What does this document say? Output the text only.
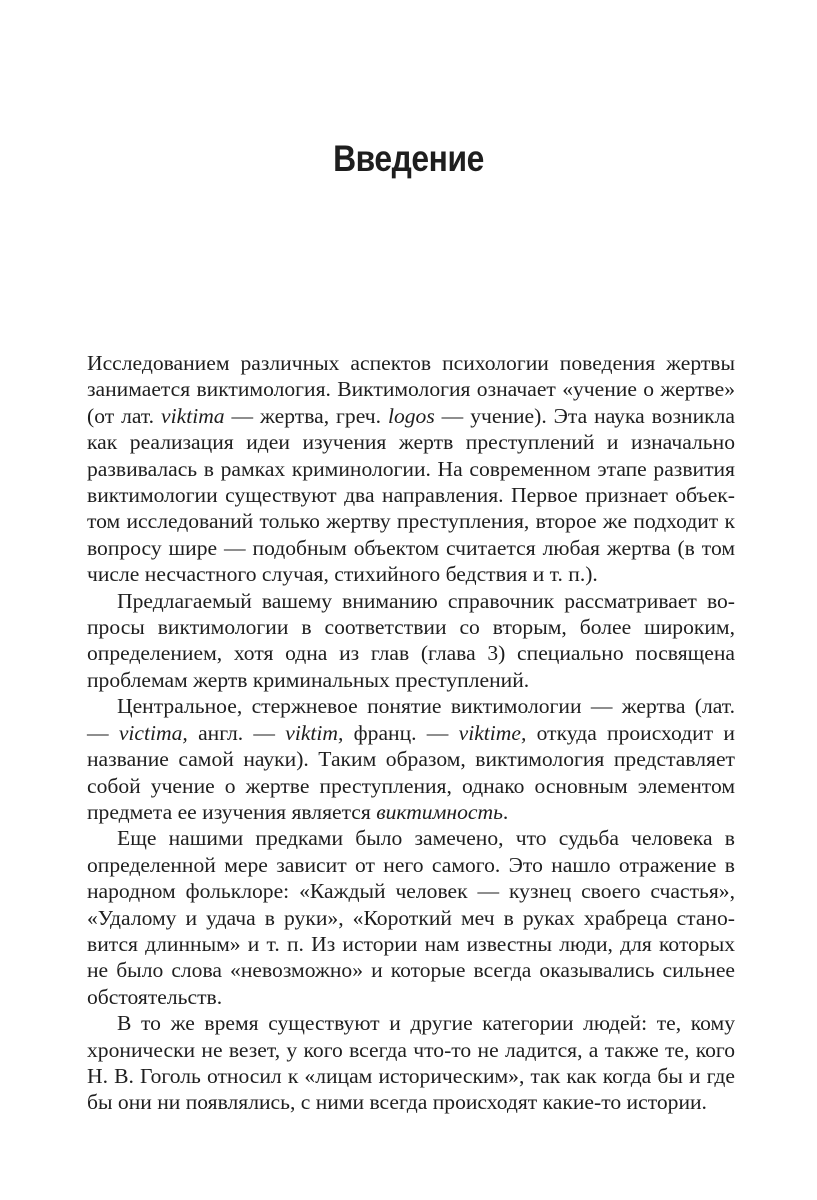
Введение

Исследованием различных аспектов психологии поведения жертвы занимается виктимология. Виктимология означает «учение о жертве» (от лат. viktima — жертва, греч. logos — учение). Эта наука возникла как реализация идеи изучения жертв преступлений и изначально развивалась в рамках криминологии. На современном этапе развития виктимологии существуют два направления. Первое признает объектом исследований только жертву преступления, второе же подходит к вопросу шире — подобным объектом считается любая жертва (в том числе несчастного случая, стихийного бедствия и т. п.).

Предлагаемый вашему вниманию справочник рассматривает вопросы виктимологии в соответствии со вторым, более широким, определением, хотя одна из глав (глава 3) специально посвящена проблемам жертв криминальных преступлений.

Центральное, стержневое понятие виктимологии — жертва (лат. — victima, англ. — viktim, франц. — viktime, откуда происходит и название самой науки). Таким образом, виктимология представляет собой учение о жертве преступления, однако основным элементом предмета ее изучения является виктимность.

Еще нашими предками было замечено, что судьба человека в определенной мере зависит от него самого. Это нашло отражение в народном фольклоре: «Каждый человек — кузнец своего счастья», «Удалому и удача в руки», «Короткий меч в руках храбреца становится длинным» и т. п. Из истории нам известны люди, для которых не было слова «невозможно» и которые всегда оказывались сильнее обстоятельств.

В то же время существуют и другие категории людей: те, кому хронически не везет, у кого всегда что-то не ладится, а также те, кого Н. В. Гоголь относил к «лицам историческим», так как когда бы и где бы они ни появлялись, с ними всегда происходят какие-то истории.
